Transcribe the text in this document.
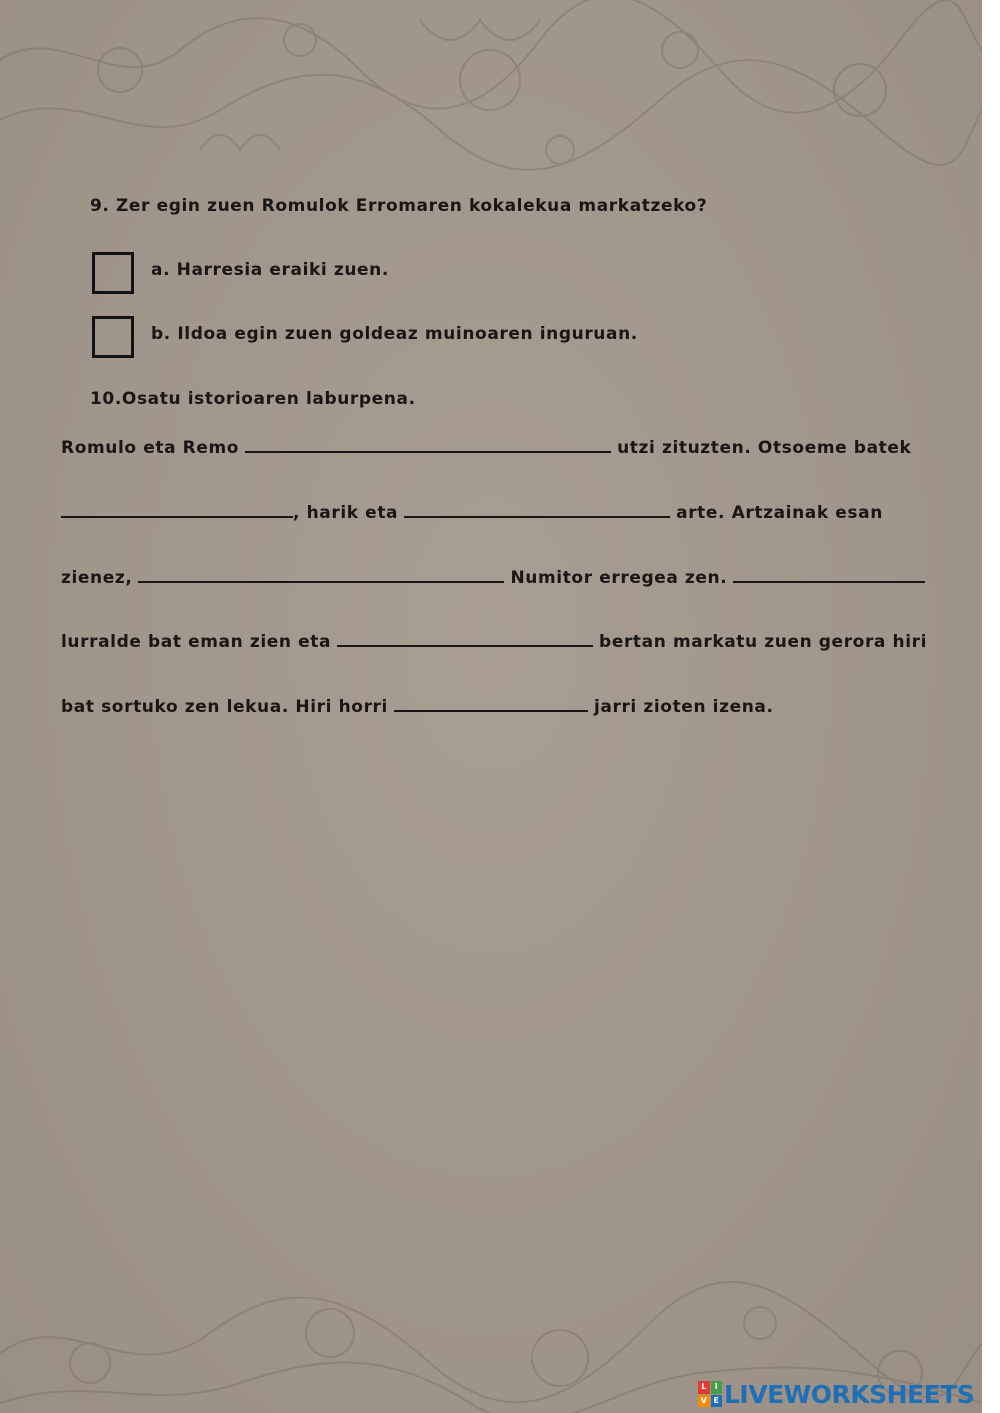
9. Zer egin zuen Romulok Erromaren kokalekua markatzeko?
a. Harresia eraiki zuen.
b. Ildoa egin zuen goldeaz muinoaren inguruan.
10.Osatu istorioaren laburpena.
Romulo eta Remo	utzi zituzten. Otsoeme batek
, harik eta	arte. Artzainak esan
zienez,	Numitor erregea zen.
lurralde bat eman zien eta	bertan markatu zuen gerora hiri
bat sortuko zen lekua. Hiri horri	jarri zioten izena.
L	I
V E LIVEWORKSHEETS
